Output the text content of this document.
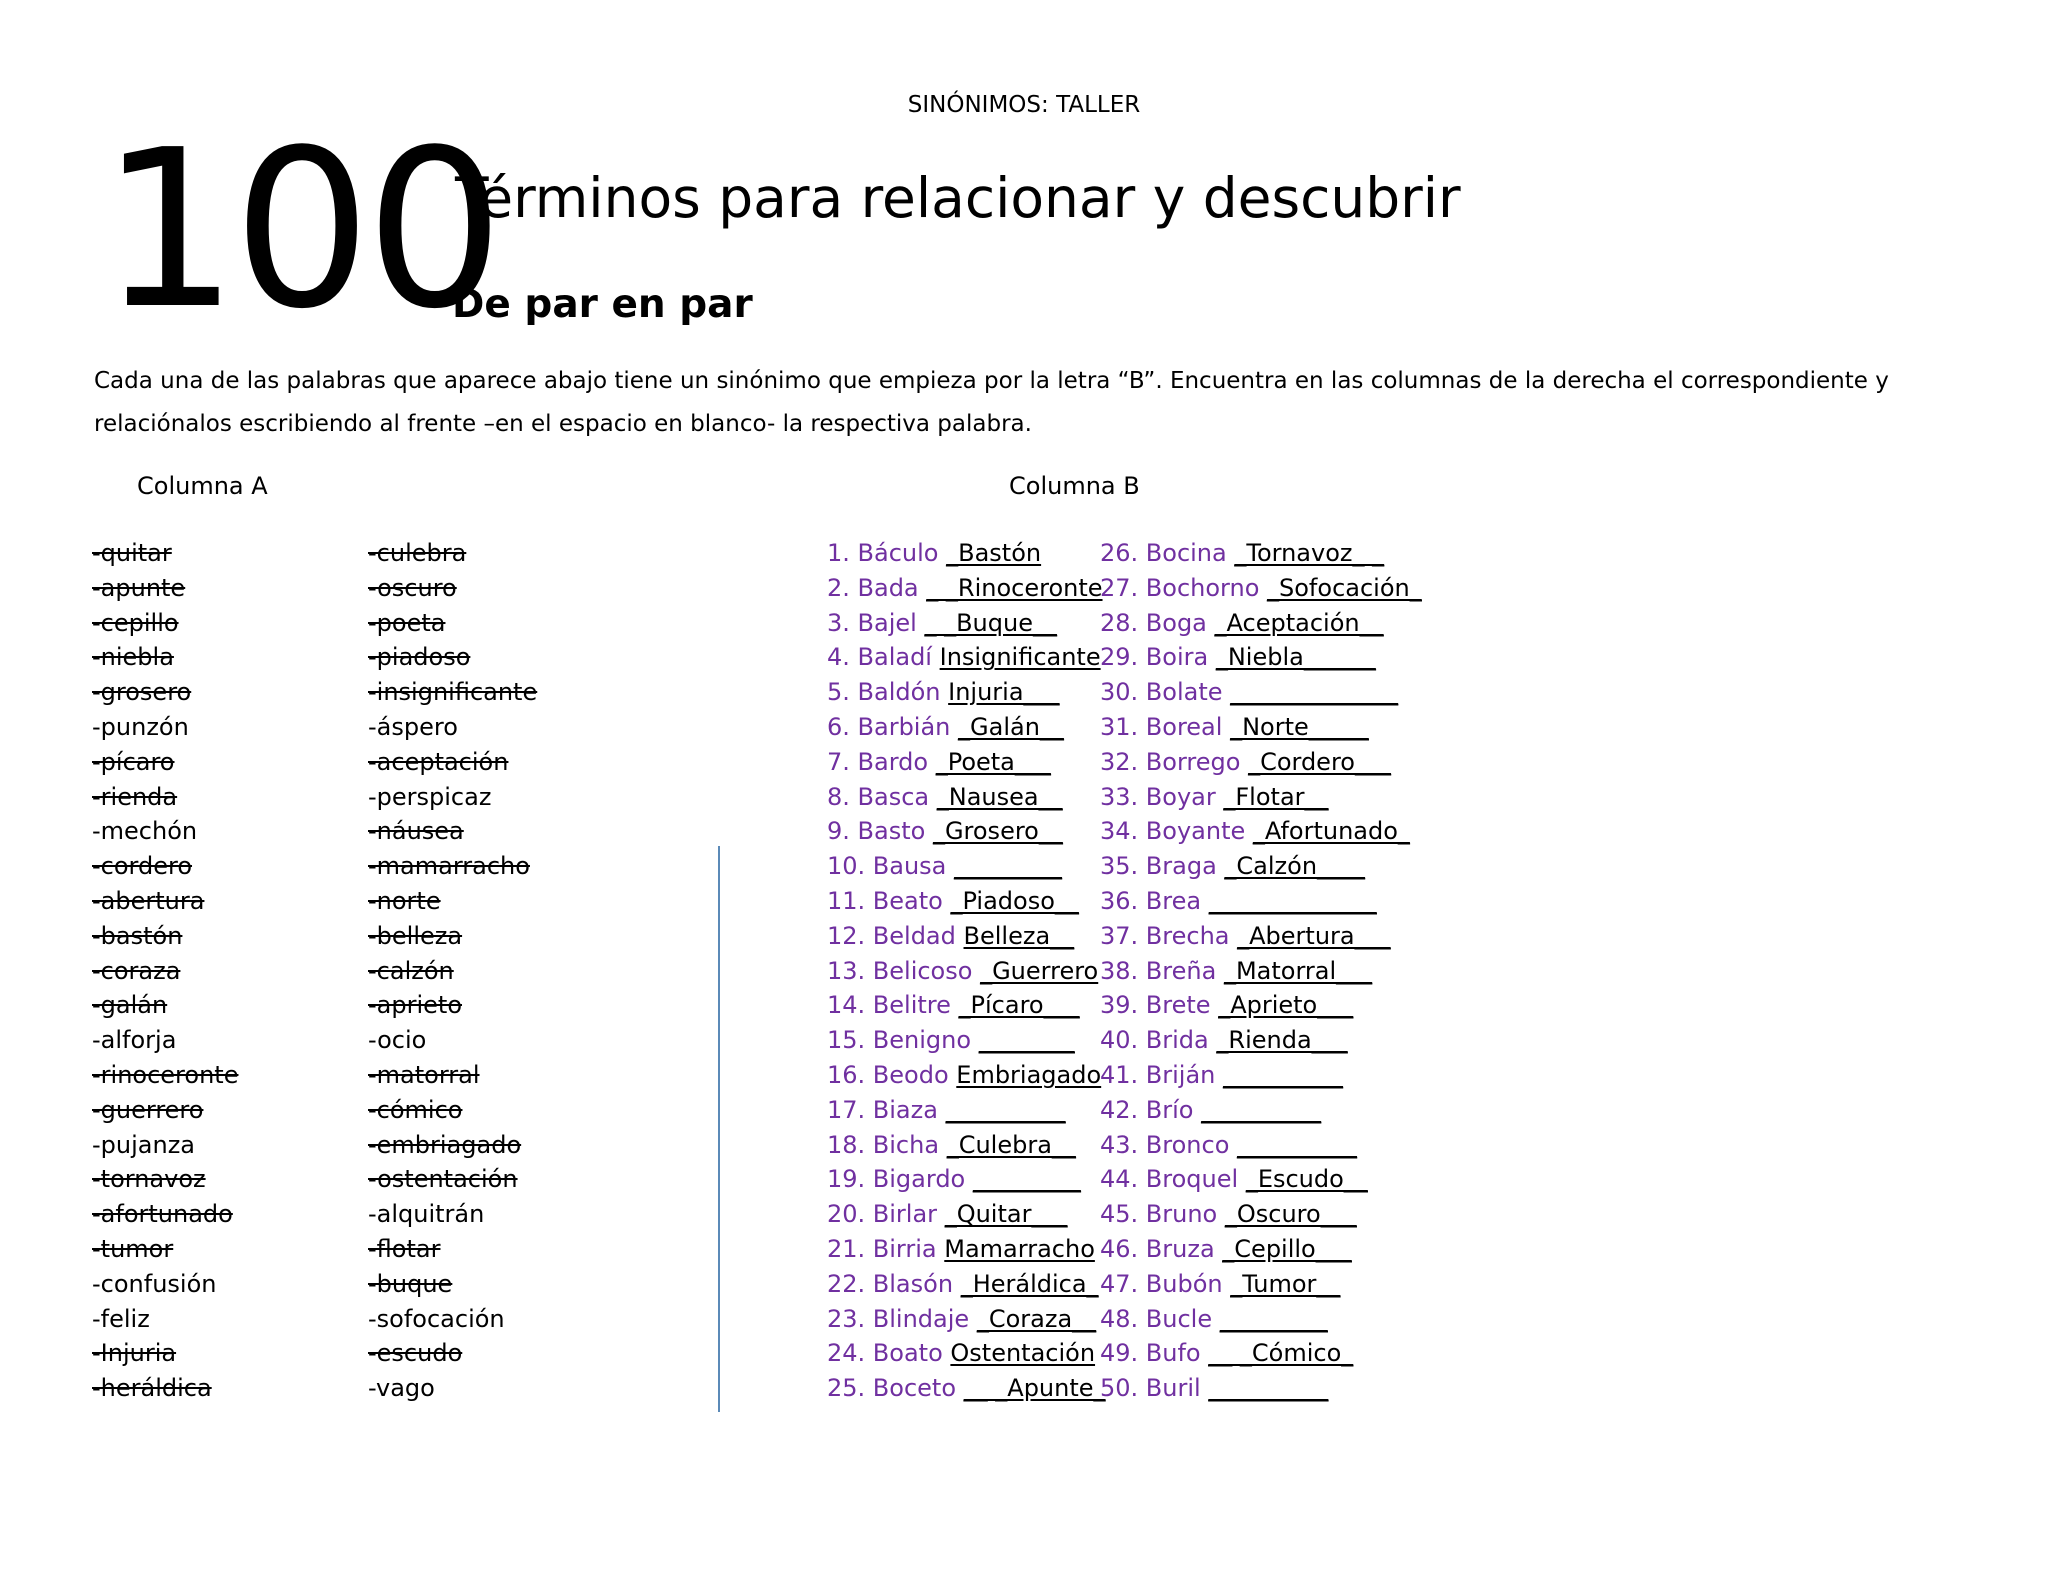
SINÓNIMOS: TALLER
100
Términos para relacionar y descubrir
De par en par
Cada una de las palabras que aparece abajo tiene un sinónimo que empieza por la letra “B”. Encuentra en las columnas de la derecha el correspondiente y relaciónalos escribiendo al frente –en el espacio en blanco- la respectiva palabra.
Columna A	Columna B
-quitar
-apunte
-cepillo
-niebla
-grosero
-punzón
-pícaro
-rienda
-mechón
-cordero
-abertura
-bastón
-coraza
-galán
-alforja
-rinoceronte
-guerrero
-pujanza
-tornavoz
-afortunado
-tumor
-confusión
-feliz
-Injuria
-heráldica
-culebra
-oscuro
-poeta
-piadoso
-insignificante
-áspero
-aceptación
-perspicaz
-náusea
-mamarracho
-norte
-belleza
-calzón
-aprieto
-ocio
-matorral
-cómico
-embriagado
-ostentación
-alquitrán
-flotar
-buque
-sofocación
-escudo
-vago
1. Báculo _Bastón
2. Bada _ _Rinoceronte
3. Bajel _ _Buque__
4. Baladí Insignificante
5. Baldón Injuria___
6. Barbián _Galán__
7. Bardo _Poeta___
8. Basca _Nausea__
9. Basto _Grosero__
10. Bausa _________
11. Beato _Piadoso__
12. Beldad Belleza__
13. Belicoso _Guerrero
14. Belitre _Pícaro___
15. Benigno ________
16. Beodo Embriagado
17. Biaza __________
18. Bicha _Culebra__
19. Bigardo _________
20. Birlar _Quitar___
21. Birria Mamarracho
22. Blasón _Heráldica_
23. Blindaje _Coraza__
24. Boato Ostentación
25. Boceto __ _Apunte_
26. Bocina _Tornavoz_ _
27. Bochorno _Sofocación_
28. Boga _Aceptación__
29. Boira _Niebla______
30. Bolate ______________
31. Boreal _Norte_____
32. Borrego _Cordero___
33. Boyar _Flotar__
34. Boyante _Afortunado_
35. Braga _Calzón____
36. Brea ______________
37. Brecha _Abertura___
38. Breña _Matorral___
39. Brete _Aprieto___
40. Brida _Rienda___
41. Briján __________
42. Brío __________
43. Bronco __________
44. Broquel _Escudo__
45. Bruno _Oscuro___
46. Bruza _Cepillo___
47. Bubón _Tumor__
48. Bucle _________
49. Bufo __ _Cómico_
50. Buril __________
